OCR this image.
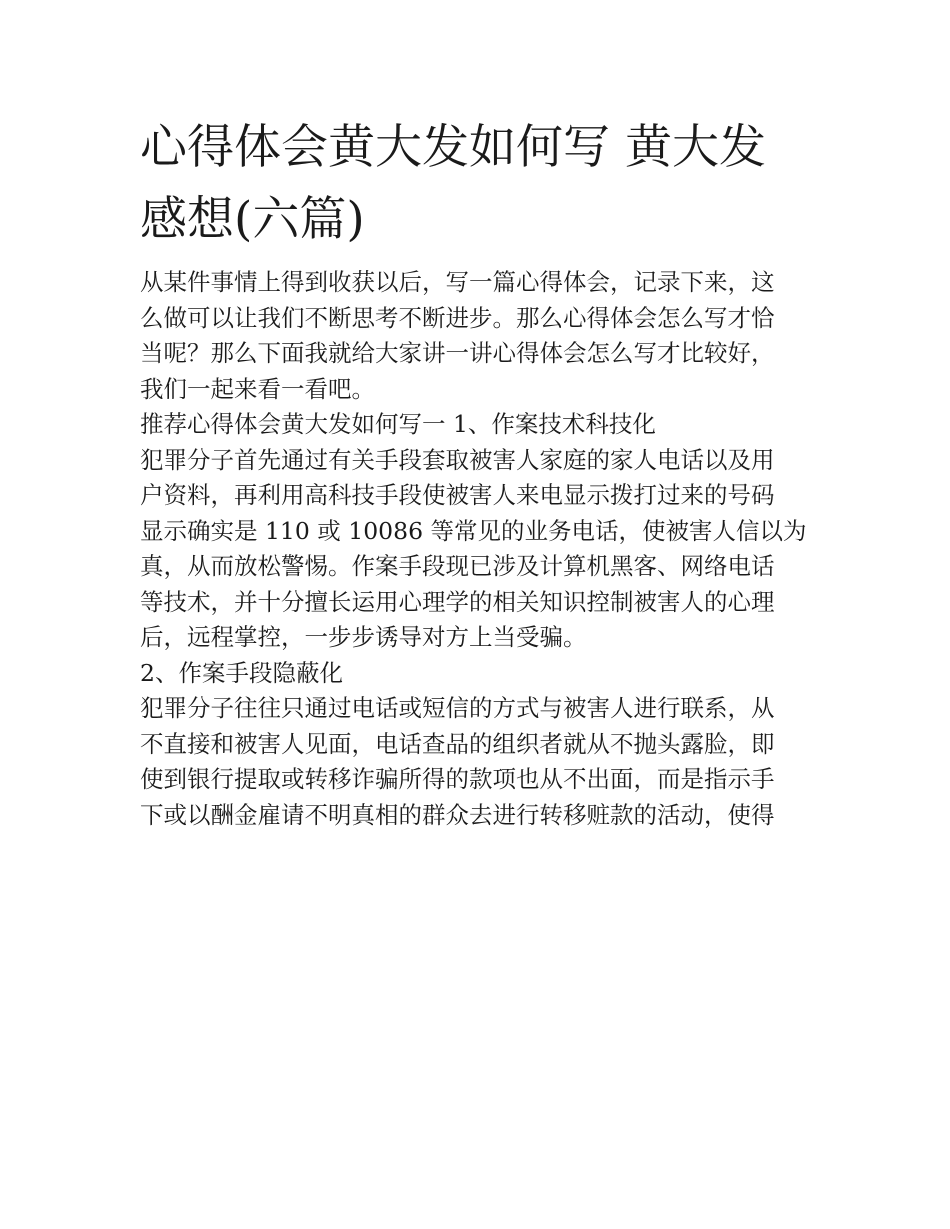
心得体会黄大发如何写 黄大发
感想(六篇)
从某件事情上得到收获以后，写一篇心得体会，记录下来，这
么做可以让我们不断思考不断进步。那么心得体会怎么写才恰
当呢？那么下面我就给大家讲一讲心得体会怎么写才比较好，
我们一起来看一看吧。
推荐心得体会黄大发如何写一 1、作案技术科技化
犯罪分子首先通过有关手段套取被害人家庭的家人电话以及用
户资料，再利用高科技手段使被害人来电显示拨打过来的号码
显示确实是 110 或 10086 等常见的业务电话，使被害人信以为
真，从而放松警惕。作案手段现已涉及计算机黑客、网络电话
等技术，并十分擅长运用心理学的相关知识控制被害人的心理
后，远程掌控，一步步诱导对方上当受骗。
2、作案手段隐蔽化
犯罪分子往往只通过电话或短信的方式与被害人进行联系，从
不直接和被害人见面，电话查品的组织者就从不抛头露脸，即
使到银行提取或转移诈骗所得的款项也从不出面，而是指示手
下或以酬金雇请不明真相的群众去进行转移赃款的活动，使得
